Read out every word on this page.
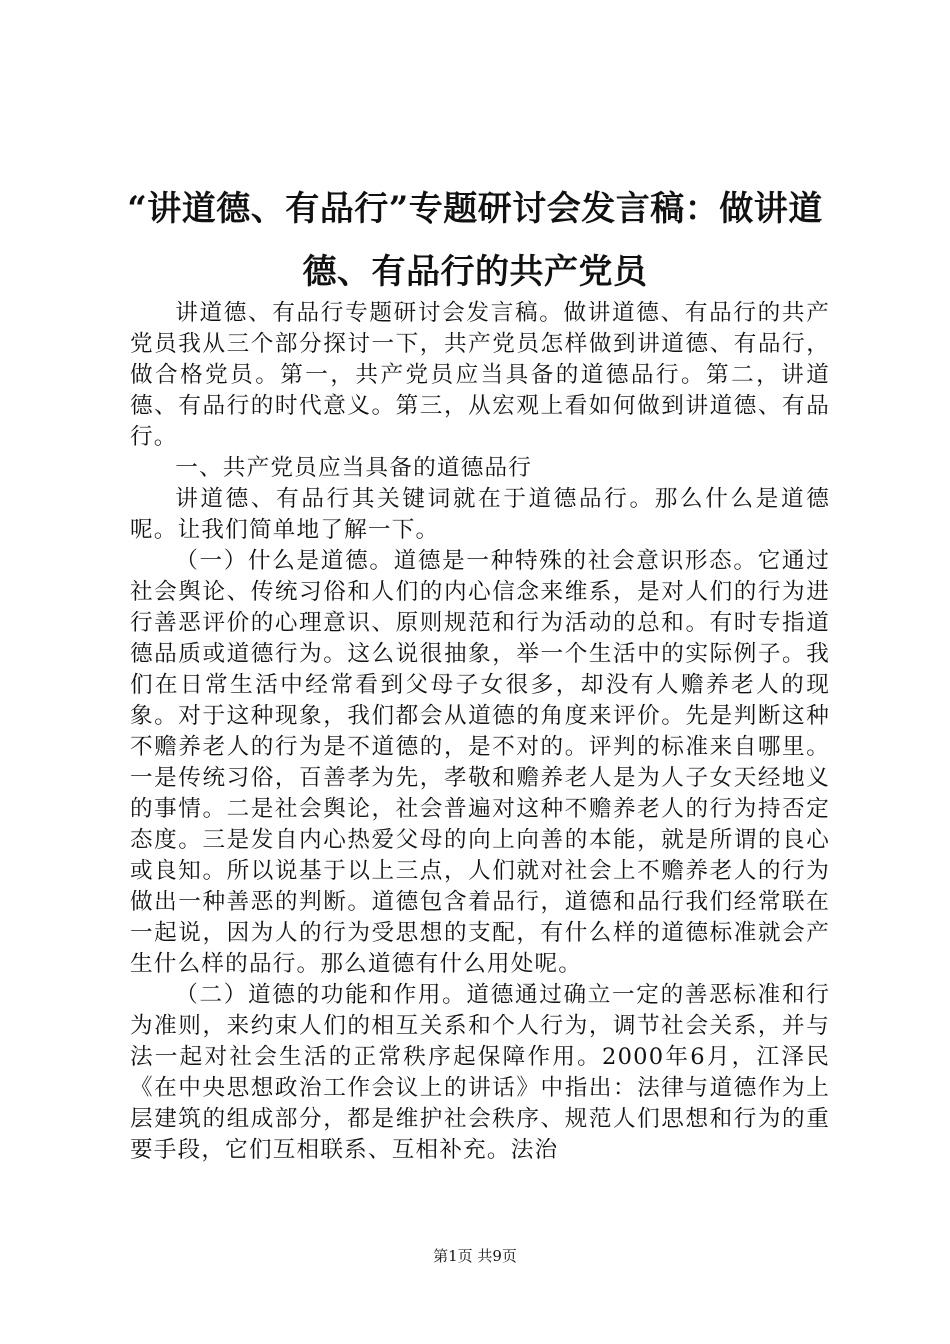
“讲道德、有品行”专题研讨会发言稿：做讲道德、有品行的共产党员

讲道德、有品行专题研讨会发言稿。做讲道德、有品行的共产党员我从三个部分探讨一下，共产党员怎样做到讲道德、有品行，做合格党员。第一，共产党员应当具备的道德品行。第二，讲道德、有品行的时代意义。第三，从宏观上看如何做到讲道德、有品行。

一、共产党员应当具备的道德品行

讲道德、有品行其关键词就在于道德品行。那么什么是道德呢。让我们简单地了解一下。

（一）什么是道德。道德是一种特殊的社会意识形态。它通过社会舆论、传统习俗和人们的内心信念来维系，是对人们的行为进行善恶评价的心理意识、原则规范和行为活动的总和。有时专指道德品质或道德行为。这么说很抽象，举一个生活中的实际例子。我们在日常生活中经常看到父母子女很多，却没有人赡养老人的现象。对于这种现象，我们都会从道德的角度来评价。先是判断这种不赡养老人的行为是不道德的，是不对的。评判的标准来自哪里。一是传统习俗，百善孝为先，孝敬和赡养老人是为人子女天经地义的事情。二是社会舆论，社会普遍对这种不赡养老人的行为持否定态度。三是发自内心热爱父母的向上向善的本能，就是所谓的良心或良知。所以说基于以上三点，人们就对社会上不赡养老人的行为做出一种善恶的判断。道德包含着品行，道德和品行我们经常联在一起说，因为人的行为受思想的支配，有什么样的道德标准就会产生什么样的品行。那么道德有什么用处呢。

（二）道德的功能和作用。道德通过确立一定的善恶标准和行为准则，来约束人们的相互关系和个人行为，调节社会关系，并与法一起对社会生活的正常秩序起保障作用。2000年6月，江泽民《在中央思想政治工作会议上的讲话》中指出：法律与道德作为上层建筑的组成部分，都是维护社会秩序、规范人们思想和行为的重要手段，它们互相联系、互相补充。法治

第1页 共9页
